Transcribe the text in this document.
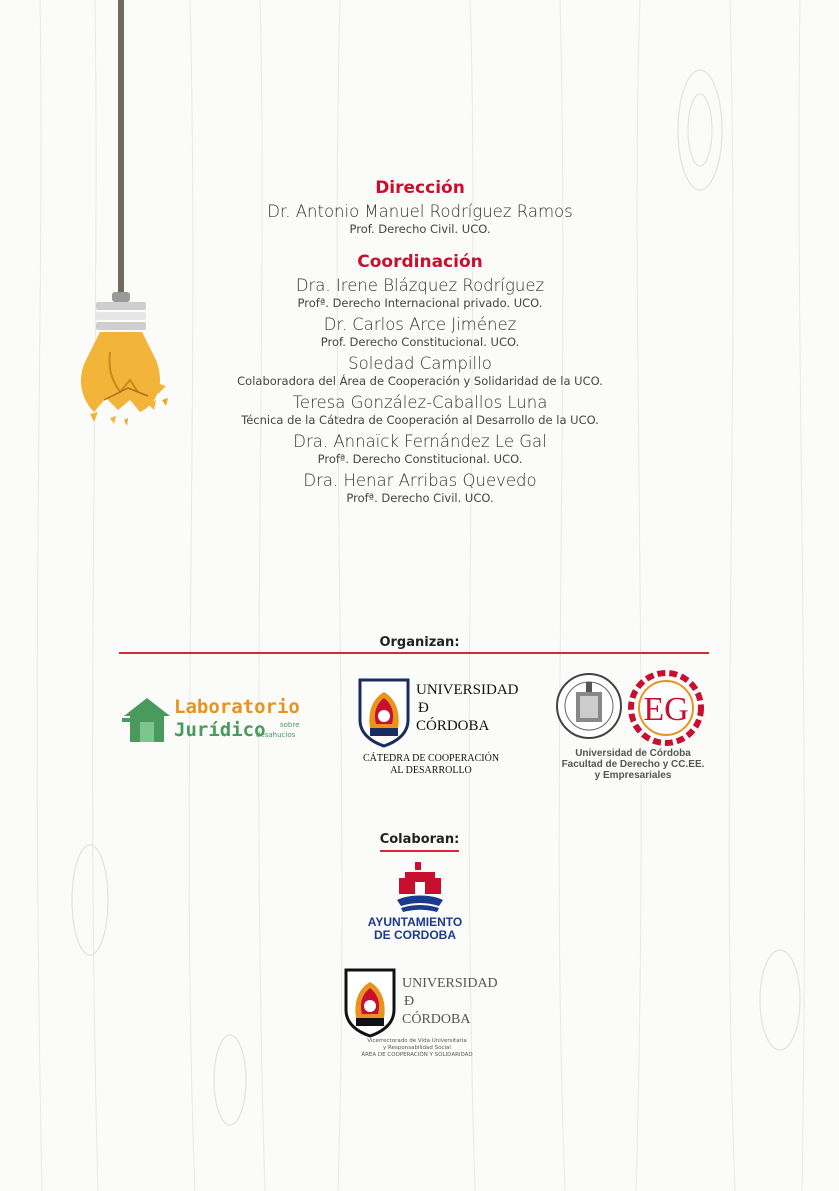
Dirección
Dr. Antonio Manuel Rodríguez Ramos
Prof. Derecho Civil. UCO.
Coordinación
Dra. Irene Blázquez Rodríguez
Profª. Derecho Internacional privado. UCO.
Dr. Carlos Arce Jiménez
Prof. Derecho Constitucional. UCO.
Soledad Campillo
Colaboradora del Área de Cooperación y Solidaridad de la UCO.
Teresa González-Caballos Luna
Técnica de la Cátedra de Cooperación al Desarrollo de la UCO.
Dra. Annaïck Fernández Le Gal
Profª. Derecho Constitucional. UCO.
Dra. Henar Arribas Quevedo
Profª. Derecho Civil. UCO.
Organizan:
Laboratorio
Jurídico sobre
desahucios
UNIVERSIDAD
Ð
CÓRDOBA
CÁTEDRA DE COOPERACIÓN
AL DESARROLLO
EG
Universidad de Córdoba
Facultad de Derecho y CC.EE.
y Empresariales
Colaboran:
AYUNTAMIENTO
DE CORDOBA
UNIVERSIDAD
Ð
CÓRDOBA
Vicerrectorado de Vida Universitaria
y Responsabilidad Social
ÁREA DE COOPERACIÓN Y SOLIDARIDAD
